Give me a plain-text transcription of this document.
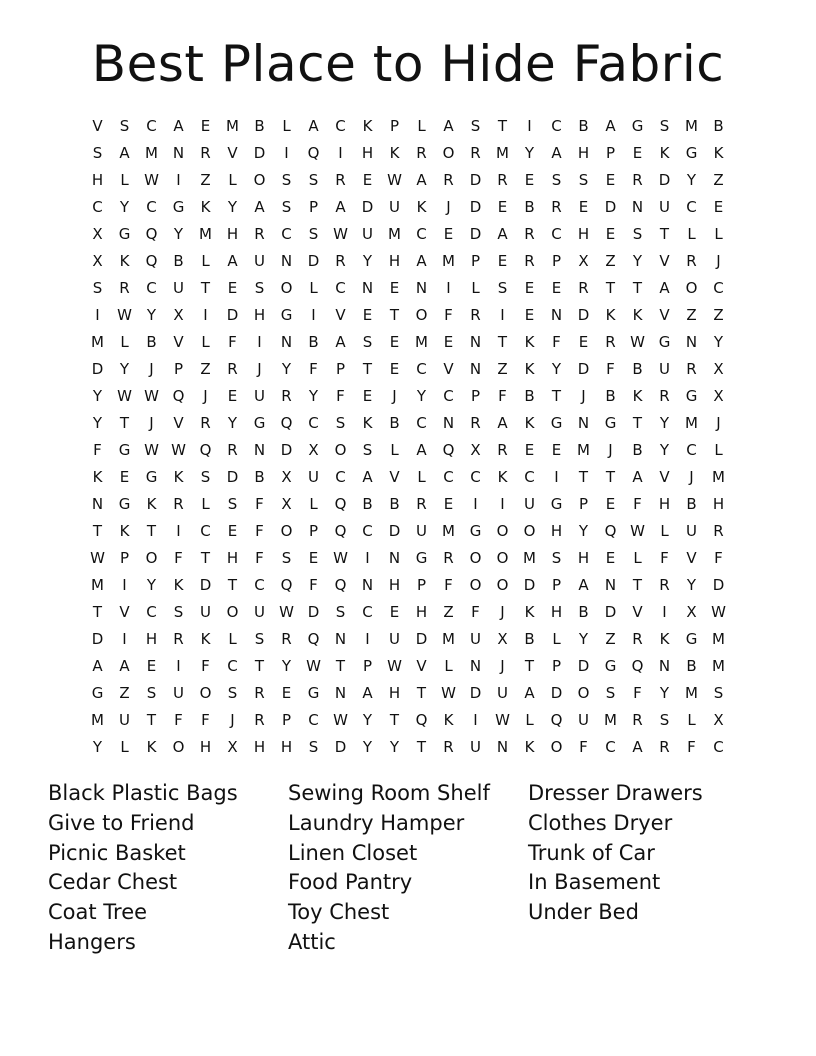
Best Place to Hide Fabric
V	S	C	A	E	M	B	L	A	C	K	P	L	A	S	T	I	C	B	A	G	S	M	B
S	A	M N	R	V	D	I	Q	I	H	K	R	O	R	M	Y	A	H	P	E	K	G	K
H	L	W	I	Z	L	O	S	S	R	E W A	R	D	R	E	S	S	E	R	D	Y	Z
C	Y	C	G	K	Y	A	S	P	A	D	U	K	J	D	E	B	R	E	D	N	U	C	E
X	G	Q	Y	M H	R	C	S W U	M	C	E	D	A	R	C	H	E	S	T	L	L
X	K	Q	B	L	A	U	N	D	R	Y	H	A	M	P	E	R	P	X	Z	Y	V	R	J
S	R	C	U	T	E	S	O	L	C	N	E	N	I	L	S	E	E	R	T	T	A	O	C
I	W Y	X	I	D	H	G	I	V	E	T	O	F	R	I	E	N	D	K	K	V	Z	Z
M	L	B	V	L	F	I	N	B	A	S	E	M	E	N	T	K	F	E	R W G	N	Y
D	Y	J	P	Z	R	J	Y	F	P	T	E	C	V	N	Z	K	Y	D	F	B	U	R	X
Y	W W Q	J	E	U	R	Y	F	E	J	Y	C	P	F	B	T	J	B	K	R	G	X
Y	T	J	V	R	Y	G	Q	C	S	K	B	C	N	R	A	K	G	N	G	T	Y	M	J
F	G W W Q	R	N	D	X	O	S	L	A	Q	X	R	E	E	M	J	B	Y	C	L
K	E	G	K	S	D	B	X	U	C	A	V	L	C	C	K	C	I	T	T	A	V	J	M
N	G	K	R	L	S	F	X	L	Q	B	B	R	E	I	I	U	G	P	E	F	H	B	H
T	K	T	I	C	E	F	O	P	Q	C	D	U	M G	O	O	H	Y	Q W	L	U	R
W	P	O	F	T	H	F	S	E W	I	N	G	R	O	O M	S	H	E	L	F	V	F
M	I	Y	K	D	T	C	Q	F	Q	N	H	P	F	O	O	D	P	A	N	T	R	Y	D
T	V	C	S	U	O	U W D	S	C	E	H	Z	F	J	K	H	B	D	V	I	X W
D	I	H	R	K	L	S	R	Q	N	I	U	D M	U	X	B	L	Y	Z	R	K	G M
A	A	E	I	F	C	T	Y	W T	P	W V	L	N	J	T	P	D	G	Q	N	B	M
G	Z	S	U	O	S	R	E	G	N	A	H	T	W D	U	A	D	O	S	F	Y	M	S
M	U	T	F	F	J	R	P	C W Y	T	Q	K	I	W	L	Q	U	M	R	S	L	X
Y	L	K	O	H	X	H	H	S	D	Y	Y	T	R	U	N	K	O	F	C	A	R	F	C
Black Plastic Bags
Give to Friend
Picnic Basket
Cedar Chest
Coat Tree
Hangers
Sewing Room Shelf
Laundry Hamper
Linen Closet
Food Pantry
Toy Chest
Attic
Dresser Drawers
Clothes Dryer
Trunk of Car
In Basement
Under Bed
